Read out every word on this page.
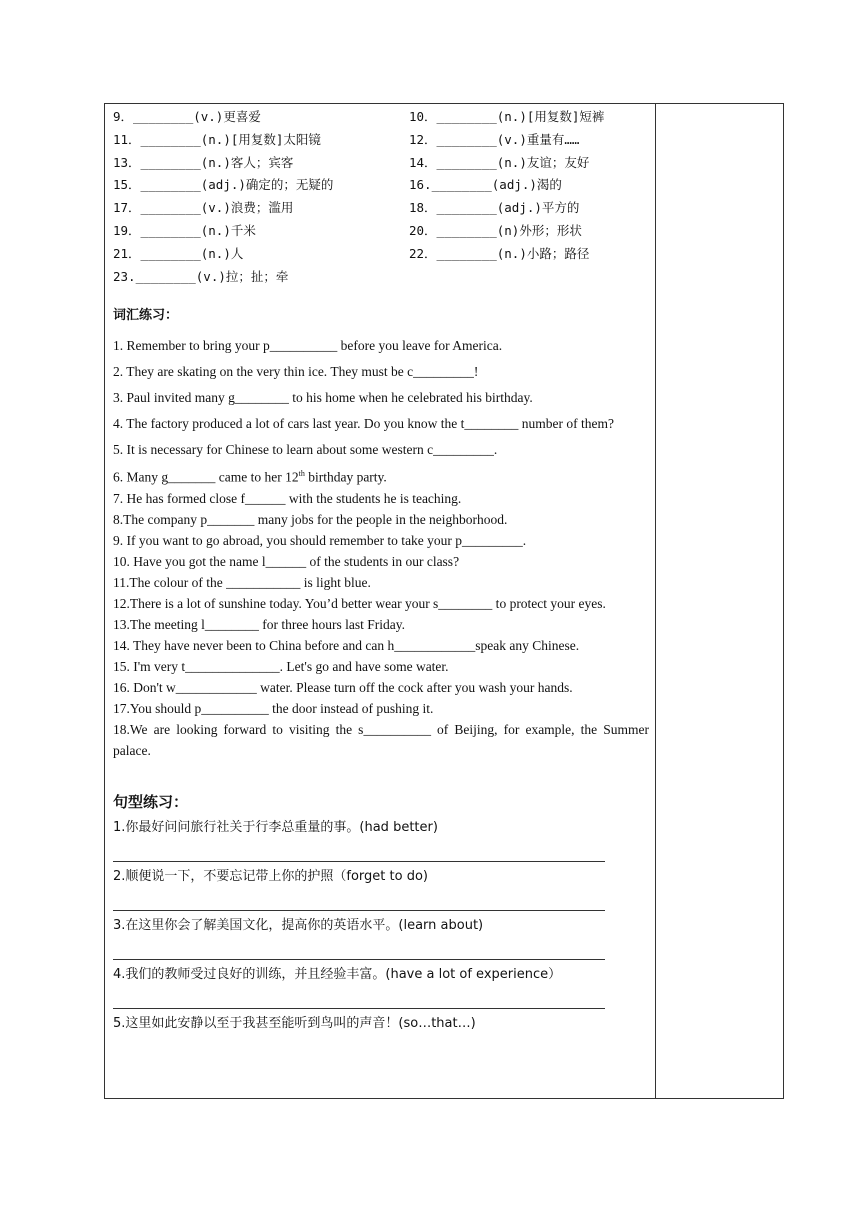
9．________(v.)更喜爱	10．________(n.)[用复数]短裤
11．________(n.)[用复数]太阳镜	12．________(v.)重量有……
13．________(n.)客人；宾客	14．________(n.)友谊；友好
15．________(adj.)确定的；无疑的	16.________(adj.)渴的
17．________(v.)浪费；滥用	18．________(adj.)平方的
19．________(n.)千米	20．________(n)外形；形状
21．________(n.)人	22．________(n.)小路；路径
23.________(v.)拉；扯；牵
词汇练习：
1. Remember to bring your p__________ before you leave for America.
2. They are skating on the very thin ice. They must be c_________!
3. Paul invited many g________ to his home when he celebrated his birthday.
4. The factory produced a lot of cars last year. Do you know the t________ number of them?
5. It is necessary for Chinese to learn about some western c_________.
6. Many g_______ came to her 12th birthday party.
7. He has formed close f______ with the students he is teaching.
8.The company p_______ many jobs for the people in the neighborhood.
9. If you want to go abroad, you should remember to take your p_________.
10. Have you got the name l______ of the students in our class?
11.The colour of the ___________ is light blue.
12.There is a lot of sunshine today. You’d better wear your s________ to protect your eyes.
13.The meeting l________ for three hours last Friday.
14. They have never been to China before and can h____________speak any Chinese.
15. I'm very t______________. Let's go and have some water.
16. Don't w____________ water. Please turn off the cock after you wash your hands.
17.You should p__________ the door instead of pushing it.
18.We are looking forward to visiting the s__________ of Beijing, for example, the Summer palace.
句型练习：
1.你最好问问旅行社关于行李总重量的事。(had better)
2.顺便说一下，不要忘记带上你的护照（forget to do)
3.在这里你会了解美国文化，提高你的英语水平。(learn about)
4.我们的教师受过良好的训练，并且经验丰富。(have a lot of experience）
5.这里如此安静以至于我甚至能听到鸟叫的声音！(so…that…)
